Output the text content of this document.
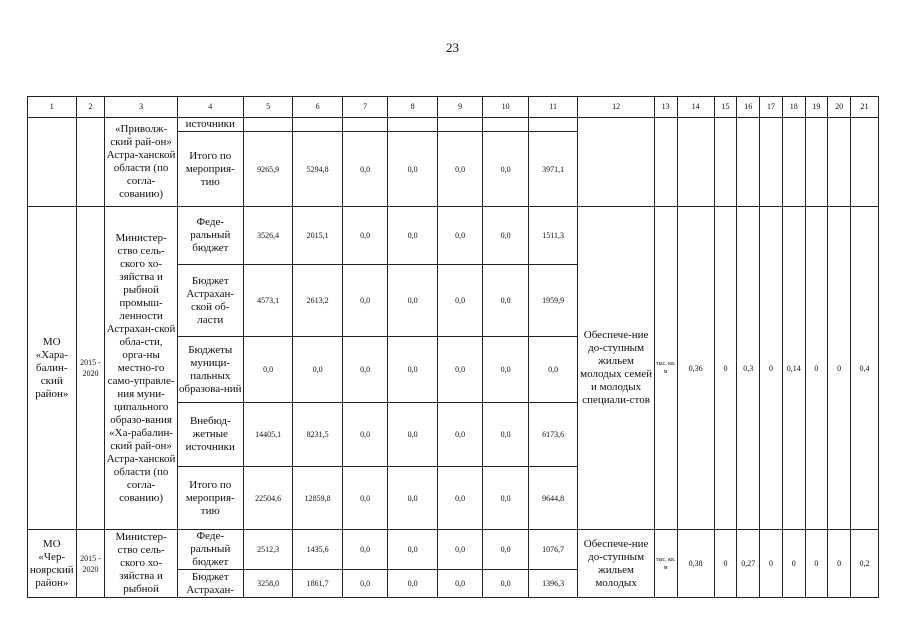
23
1	2	3	4	5	6	7	8	9	10	11	12	13	14	15	16	17	18	19	20	21
		«Приволж-ский рай-он» Астра-ханской области (по согла-сованию)	источники																	
			Итого по мероприя-тию	9265,9	5294,8	0,0	0,0	0,0	0,0	3971,1										
МО «Хара-балин-ский район»	2015 - 2020	Министер-ство сель-ского хо-зяйства и рыбной промыш-ленности Астрахан-ской обла-сти, орга-ны местно-го само-управле-ния муни-ципального образо-вания «Ха-рабалин-ский рай-он» Астра-ханской области (по согла-сованию)	Феде-ральный бюджет	3526,4	2015,1	0,0	0,0	0,0	0,0	1511,3	Обеспече-ние до-ступным жильем молодых семей и молодых специали-стов	тыс. кв. м	0,36	0	0,3	0	0,14	0	0	0,4
			Бюджет Астрахан-ской об-ласти	4573,1	2613,2	0,0	0,0	0,0	0,0	1959,9										
			Бюджеты муници-пальных образова-ний	0,0	0,0	0,0	0,0	0,0	0,0	0,0										
			Внебюд-жетные источники	14405,1	8231,5	0,0	0,0	0,0	0,0	6173,6										
			Итого по мероприя-тию	22504,6	12859,8	0,0	0,0	0,0	0,0	9644,8										
МО «Чер-ноярский район»	2015 - 2020	Министер-ство сель-ского хо-зяйства и рыбной	Феде-ральный бюджет	2512,3	1435,6	0,0	0,0	0,0	0,0	1076,7	Обеспече-ние до-ступным жильем молодых	тыс. кв. м	0,38	0	0,27	0	0	0	0	0,2
			Бюджет Астрахан-	3258,0	1861,7	0,0	0,0	0,0	0,0	1396,3										
